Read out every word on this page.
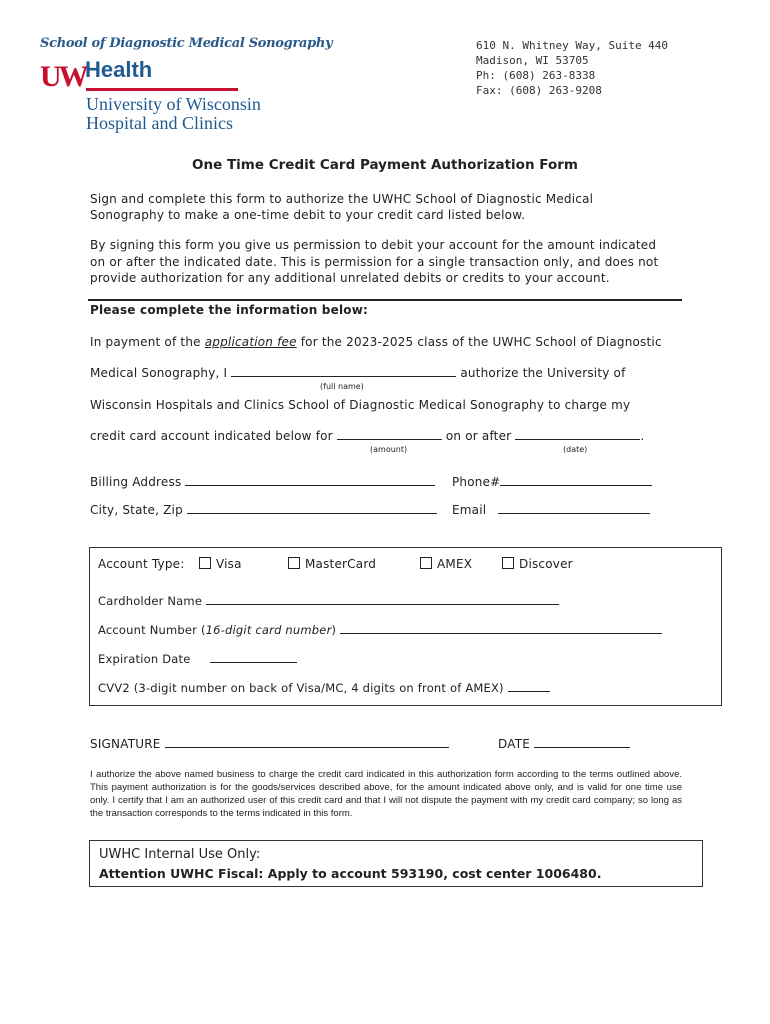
School of Diagnostic Medical Sonography
UW Health
University of Wisconsin
Hospital and Clinics
610 N. Whitney Way, Suite 440
Madison, WI 53705
Ph: (608) 263-8338
Fax: (608) 263-9208
One Time Credit Card Payment Authorization Form
Sign and complete this form to authorize the UWHC School of Diagnostic Medical
Sonography to make a one-time debit to your credit card listed below.
By signing this form you give us permission to debit your account for the amount indicated
on or after the indicated date. This is permission for a single transaction only, and does not
provide authorization for any additional unrelated debits or credits to your account.
Please complete the information below:
In payment of the application fee for the 2023-2025 class of the UWHC School of Diagnostic
Medical Sonography, I	authorize the University of
(full name)
Wisconsin Hospitals and Clinics School of Diagnostic Medical Sonography to charge my
credit card account indicated below for	on or after	.
(amount)	(date)
Billing Address	Phone#
City, State, Zip	Email
Account Type:	Visa	MasterCard	AMEX	Discover
Cardholder Name
Account Number (16-digit card number)
Expiration Date
CVV2 (3-digit number on back of Visa/MC, 4 digits on front of AMEX)
SIGNATURE	DATE
I authorize the above named business to charge the credit card indicated in this authorization form according to the terms outlined above. This payment authorization is for the goods/services described above, for the amount indicated above only, and is valid for one time use only. I certify that I am an authorized user of this credit card and that I will not dispute the payment with my credit card company; so long as the transaction corresponds to the terms indicated in this form.
UWHC Internal Use Only:
Attention UWHC Fiscal: Apply to account 593190, cost center 1006480.
